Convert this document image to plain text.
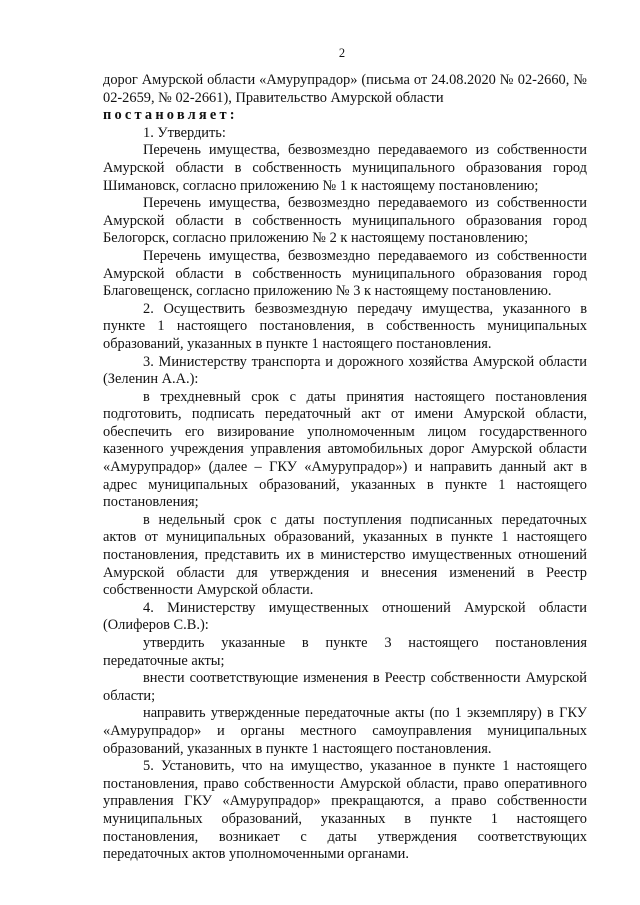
2

дорог Амурской области «Амурупрадор» (письма от 24.08.2020 № 02-2660, № 02-2659, № 02-2661), Правительство Амурской области

постановляет:

1. Утвердить:

Перечень имущества, безвозмездно передаваемого из собственности Амурской области в собственность муниципального образования город Шимановск, согласно приложению № 1 к настоящему постановлению;

Перечень имущества, безвозмездно передаваемого из собственности Амурской области в собственность муниципального образования город Белогорск, согласно приложению № 2 к настоящему постановлению;

Перечень имущества, безвозмездно передаваемого из собственности Амурской области в собственность муниципального образования город Благовещенск, согласно приложению № 3 к настоящему постановлению.

2. Осуществить безвозмездную передачу имущества, указанного в пункте 1 настоящего постановления, в собственность муниципальных образований, указанных в пункте 1 настоящего постановления.

3. Министерству транспорта и дорожного хозяйства Амурской области (Зеленин А.А.):

в трехдневный срок с даты принятия настоящего постановления подготовить, подписать передаточный акт от имени Амурской области, обеспечить его визирование уполномоченным лицом государственного казенного учреждения управления автомобильных дорог Амурской области «Амурупрадор» (далее – ГКУ «Амурупрадор») и направить данный акт в адрес муниципальных образований, указанных в пункте 1 настоящего постановления;

в недельный срок с даты поступления подписанных передаточных актов от муниципальных образований, указанных в пункте 1 настоящего постановления, представить их в министерство имущественных отношений Амурской области для утверждения и внесения изменений в Реестр собственности Амурской области.

4. Министерству имущественных отношений Амурской области (Олиферов С.В.):

утвердить указанные в пункте 3 настоящего постановления передаточные акты;

внести соответствующие изменения в Реестр собственности Амурской области;

направить утвержденные передаточные акты (по 1 экземпляру) в ГКУ «Амурупрадор» и органы местного самоуправления муниципальных образований, указанных в пункте 1 настоящего постановления.

5. Установить, что на имущество, указанное в пункте 1 настоящего постановления, право собственности Амурской области, право оперативного управления ГКУ «Амурупрадор» прекращаются, а право собственности муниципальных образований, указанных в пункте 1 настоящего постановления, возникает с даты утверждения соответствующих передаточных актов уполномоченными органами.
